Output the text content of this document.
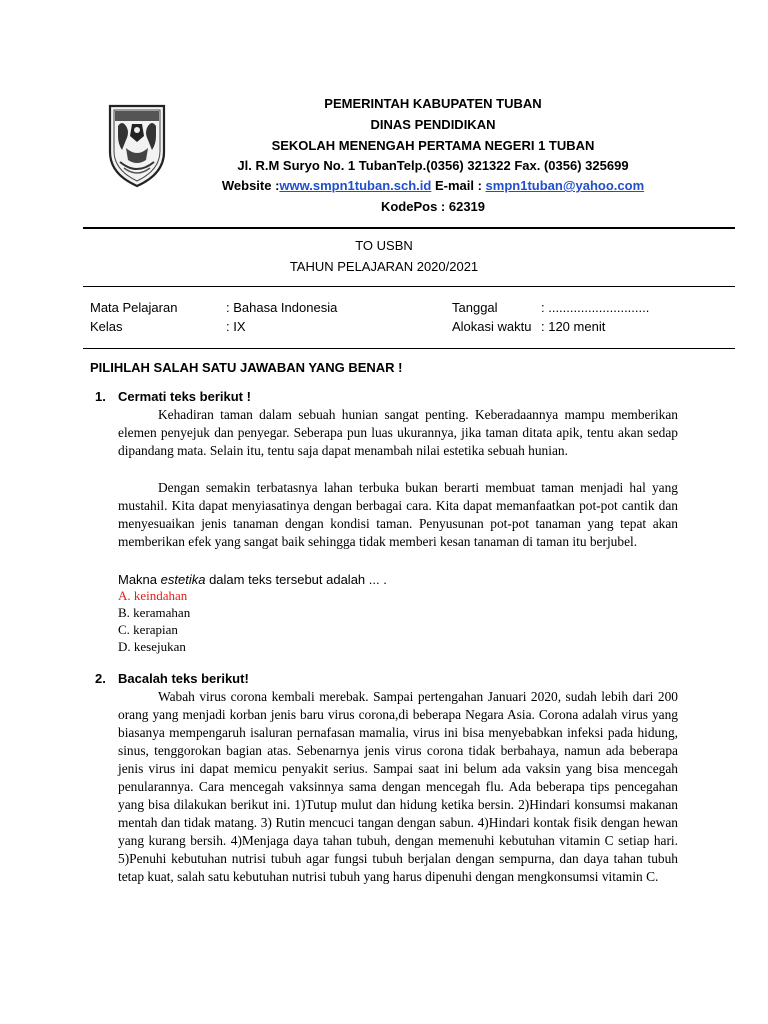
PEMERINTAH KABUPATEN TUBAN
DINAS PENDIDIKAN
SEKOLAH MENENGAH PERTAMA NEGERI 1 TUBAN
Jl. R.M Suryo No. 1 TubanTelp.(0356) 321322 Fax. (0356) 325699
Website :www.smpn1tuban.sch.id E-mail : smpn1tuban@yahoo.com
KodePos : 62319
TO USBN
TAHUN PELAJARAN 2020/2021
Mata Pelajaran	: Bahasa Indonesia	Tanggal	: ............................
Kelas	: IX	Alokasi waktu : 120 menit
PILIHLAH SALAH SATU JAWABAN YANG BENAR !
1. Cermati teks berikut !

Kehadiran taman dalam sebuah hunian sangat penting. Keberadaannya mampu memberikan elemen penyejuk dan penyegar. Seberapa pun luas ukurannya, jika taman ditata apik, tentu akan sedap dipandang mata. Selain itu, tentu saja dapat menambah nilai estetika sebuah hunian.

Dengan semakin terbatasnya lahan terbuka bukan berarti membuat taman menjadi hal yang mustahil. Kita dapat menyiasatinya dengan berbagai cara. Kita dapat memanfaatkan pot-pot cantik dan menyesuaikan jenis tanaman dengan kondisi taman. Penyusunan pot-pot tanaman yang tepat akan memberikan efek yang sangat baik sehingga tidak memberi kesan tanaman di taman itu berjubel.

Makna estetika dalam teks tersebut adalah ... .
A. keindahan
B. keramahan
C. kerapian
D. kesejukan
2. Bacalah teks berikut!

Wabah virus corona kembali merebak. Sampai pertengahan Januari 2020, sudah lebih dari 200 orang yang menjadi korban jenis baru virus corona,di beberapa Negara Asia. Corona adalah virus yang biasanya mempengaruh isaluran pernafasan mamalia, virus ini bisa menyebabkan infeksi pada hidung, sinus, tenggorokan bagian atas. Sebenarnya jenis virus corona tidak berbahaya, namun ada beberapa jenis virus ini dapat memicu penyakit serius. Sampai saat ini belum ada vaksin yang bisa mencegah penularannya. Cara mencegah vaksinnya sama dengan mencegah flu. Ada beberapa tips pencegahan yang bisa dilakukan berikut ini. 1)Tutup mulut dan hidung ketika bersin. 2)Hindari konsumsi makanan mentah dan tidak matang. 3) Rutin mencuci tangan dengan sabun. 4)Hindari kontak fisik dengan hewan yang kurang bersih. 4)Menjaga daya tahan tubuh, dengan memenuhi kebutuhan vitamin C setiap hari. 5)Penuhi kebutuhan nutrisi tubuh agar fungsi tubuh berjalan dengan sempurna, dan daya tahan tubuh tetap kuat, salah satu kebutuhan nutrisi tubuh yang harus dipenuhi dengan mengkonsumsi vitamin C.
